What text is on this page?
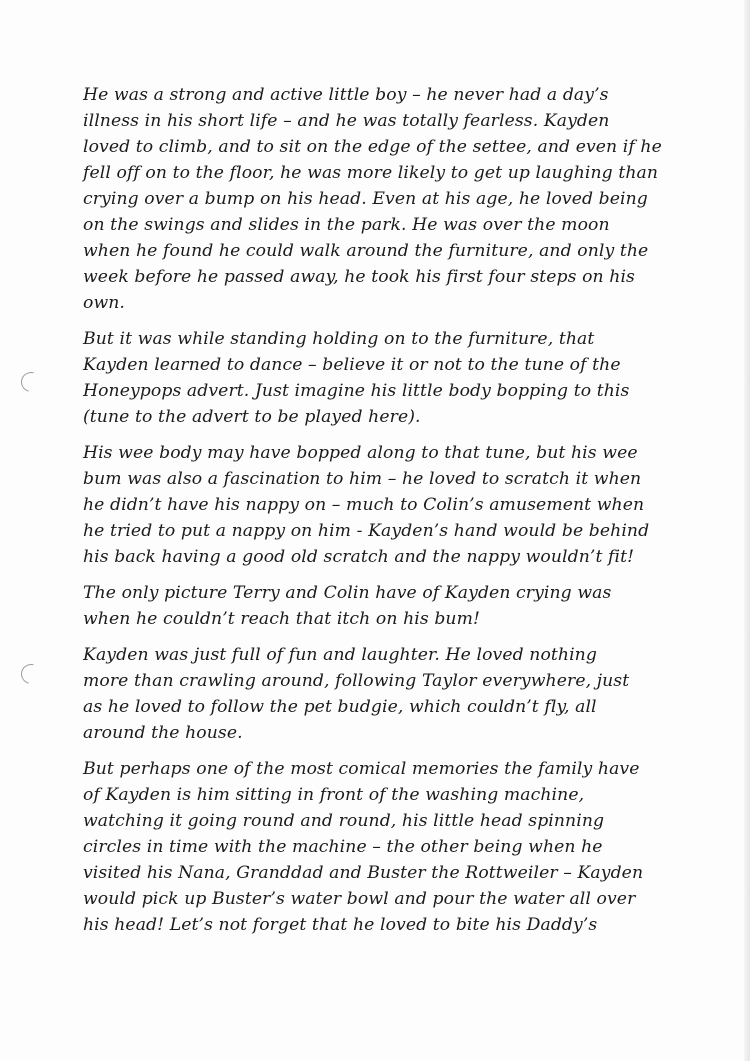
He was a strong and active little boy – he never had a day’s
illness in his short life – and he was totally fearless. Kayden
loved to climb, and to sit on the edge of the settee, and even if he
fell off on to the floor, he was more likely to get up laughing than
crying over a bump on his head. Even at his age, he loved being
on the swings and slides in the park. He was over the moon
when he found he could walk around the furniture, and only the
week before he passed away, he took his first four steps on his
own.

But it was while standing holding on to the furniture, that
Kayden learned to dance – believe it or not to the tune of the
Honeypops advert. Just imagine his little body bopping to this
(tune to the advert to be played here).

His wee body may have bopped along to that tune, but his wee
bum was also a fascination to him – he loved to scratch it when
he didn’t have his nappy on – much to Colin’s amusement when
he tried to put a nappy on him - Kayden’s hand would be behind
his back having a good old scratch and the nappy wouldn’t fit!

The only picture Terry and Colin have of Kayden crying was
when he couldn’t reach that itch on his bum!

Kayden was just full of fun and laughter. He loved nothing
more than crawling around, following Taylor everywhere, just
as he loved to follow the pet budgie, which couldn’t fly, all
around the house.

But perhaps one of the most comical memories the family have
of Kayden is him sitting in front of the washing machine,
watching it going round and round, his little head spinning
circles in time with the machine – the other being when he
visited his Nana, Granddad and Buster the Rottweiler – Kayden
would pick up Buster’s water bowl and pour the water all over
his head! Let’s not forget that he loved to bite his Daddy’s
